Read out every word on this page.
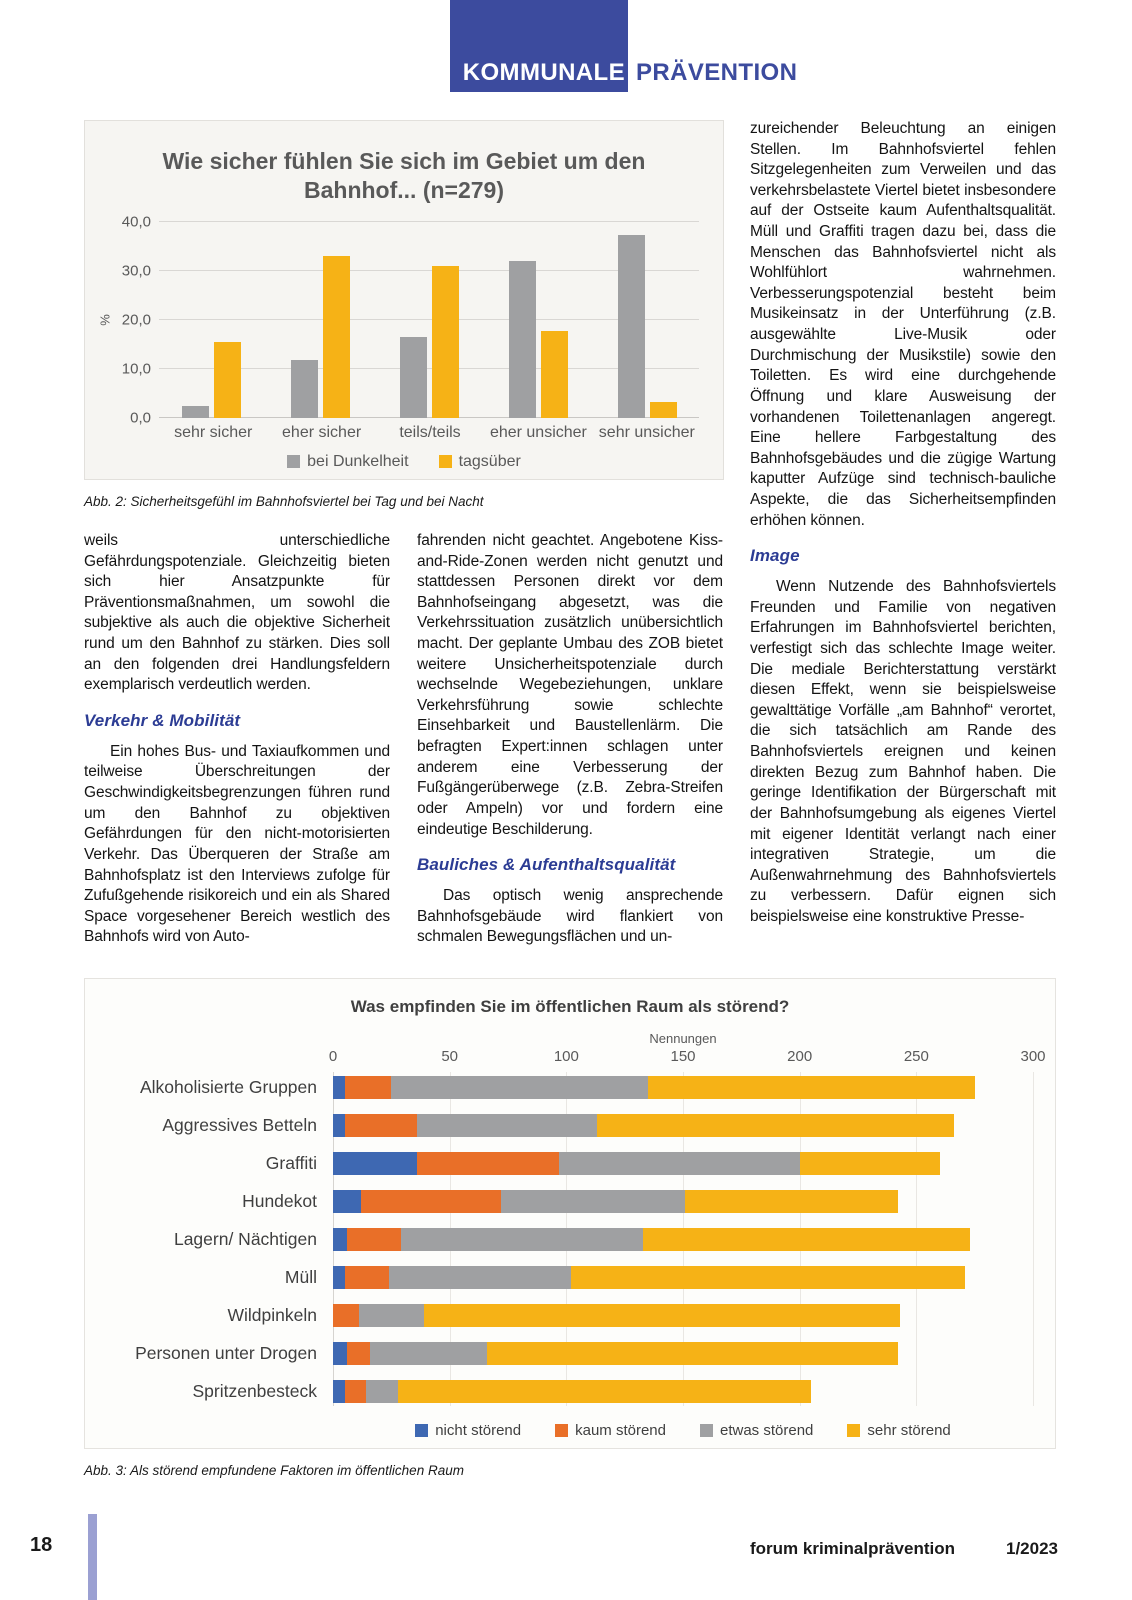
KOMMUNALE PRÄVENTION
Wie sicher fühlen Sie sich im Gebiet um den Bahnhof... (n=279)
%
0,0
10,0
20,0
30,0
40,0
sehr sicher	eher sicher	teils/teils	eher unsicher sehr unsicher
bei Dunkelheit	tagsüber
Abb. 2: Sicherheitsgefühl im Bahnhofsviertel bei Tag und bei Nacht

weils unterschiedliche Gefährdungspotenziale. Gleichzeitig bieten sich hier Ansatzpunkte für Präventionsmaßnahmen, um sowohl die subjektive als auch die objektive Sicherheit rund um den Bahnhof zu stärken. Dies soll an den folgenden drei Handlungsfeldern exemplarisch verdeutlich werden.

Verkehr & Mobilität

Ein hohes Bus- und Taxiaufkommen und teilweise Überschreitungen der Geschwindigkeitsbegrenzungen führen rund um den Bahnhof zu objektiven Gefährdungen für den nicht-motorisierten Verkehr. Das Überqueren der Straße am Bahnhofsplatz ist den Interviews zufolge für Zufußgehende risikoreich und ein als Shared Space vorgesehener Bereich westlich des Bahnhofs wird von Auto-

fahrenden nicht geachtet. Angebotene Kiss-and-Ride-Zonen werden nicht genutzt und stattdessen Personen direkt vor dem Bahnhofseingang abgesetzt, was die Verkehrssituation zusätzlich unübersichtlich macht. Der geplante Umbau des ZOB bietet weitere Unsicherheitspotenziale durch wechselnde Wegebeziehungen, unklare Verkehrsführung sowie schlechte Einsehbarkeit und Baustellenlärm. Die befragten Expert:innen schlagen unter anderem eine Verbesserung der Fußgängerüberwege (z.B. Zebra-Streifen oder Ampeln) vor und fordern eine eindeutige Beschilderung.

Bauliches & Aufenthaltsqualität

Das optisch wenig ansprechende Bahnhofsgebäude wird flankiert von schmalen Bewegungsflächen und un-

zureichender Beleuchtung an einigen Stellen. Im Bahnhofsviertel fehlen Sitzgelegenheiten zum Verweilen und das verkehrsbelastete Viertel bietet insbesondere auf der Ostseite kaum Aufenthaltsqualität. Müll und Graffiti tragen dazu bei, dass die Menschen das Bahnhofsviertel nicht als Wohlfühlort wahrnehmen. Verbesserungspotenzial besteht beim Musikeinsatz in der Unterführung (z.B. ausgewählte Live-Musik oder Durchmischung der Musikstile) sowie den Toiletten. Es wird eine durchgehende Öffnung und klare Ausweisung der vorhandenen Toilettenanlagen angeregt. Eine hellere Farbgestaltung des Bahnhofsgebäudes und die zügige Wartung kaputter Aufzüge sind technisch-bauliche Aspekte, die das Sicherheitsempfinden erhöhen können.

Image

Wenn Nutzende des Bahnhofsviertels Freunden und Familie von negativen Erfahrungen im Bahnhofsviertel berichten, verfestigt sich das schlechte Image weiter. Die mediale Berichterstattung verstärkt diesen Effekt, wenn sie beispielsweise gewalttätige Vorfälle „am Bahnhof“ verortet, die sich tatsächlich am Rande des Bahnhofsviertels ereignen und keinen direkten Bezug zum Bahnhof haben. Die geringe Identifikation der Bürgerschaft mit der Bahnhofsumgebung als eigenes Viertel mit eigener Identität verlangt nach einer integrativen Strategie, um die Außenwahrnehmung des Bahnhofsviertels zu verbessern. Dafür eignen sich beispielsweise eine konstruktive Presse-

Was empfinden Sie im öffentlichen Raum als störend?
Nennungen
0	50	100	150	200	250	300
Alkoholisierte Gruppen
Aggressives Betteln
Graffiti
Hundekot
Lagern/ Nächtigen
Müll
Wildpinkeln
Personen unter Drogen
Spritzenbesteck
nicht störend	kaum störend	etwas störend	sehr störend
Abb. 3: Als störend empfundene Faktoren im öffentlichen Raum
18	forum kriminalprävention	1/2023
